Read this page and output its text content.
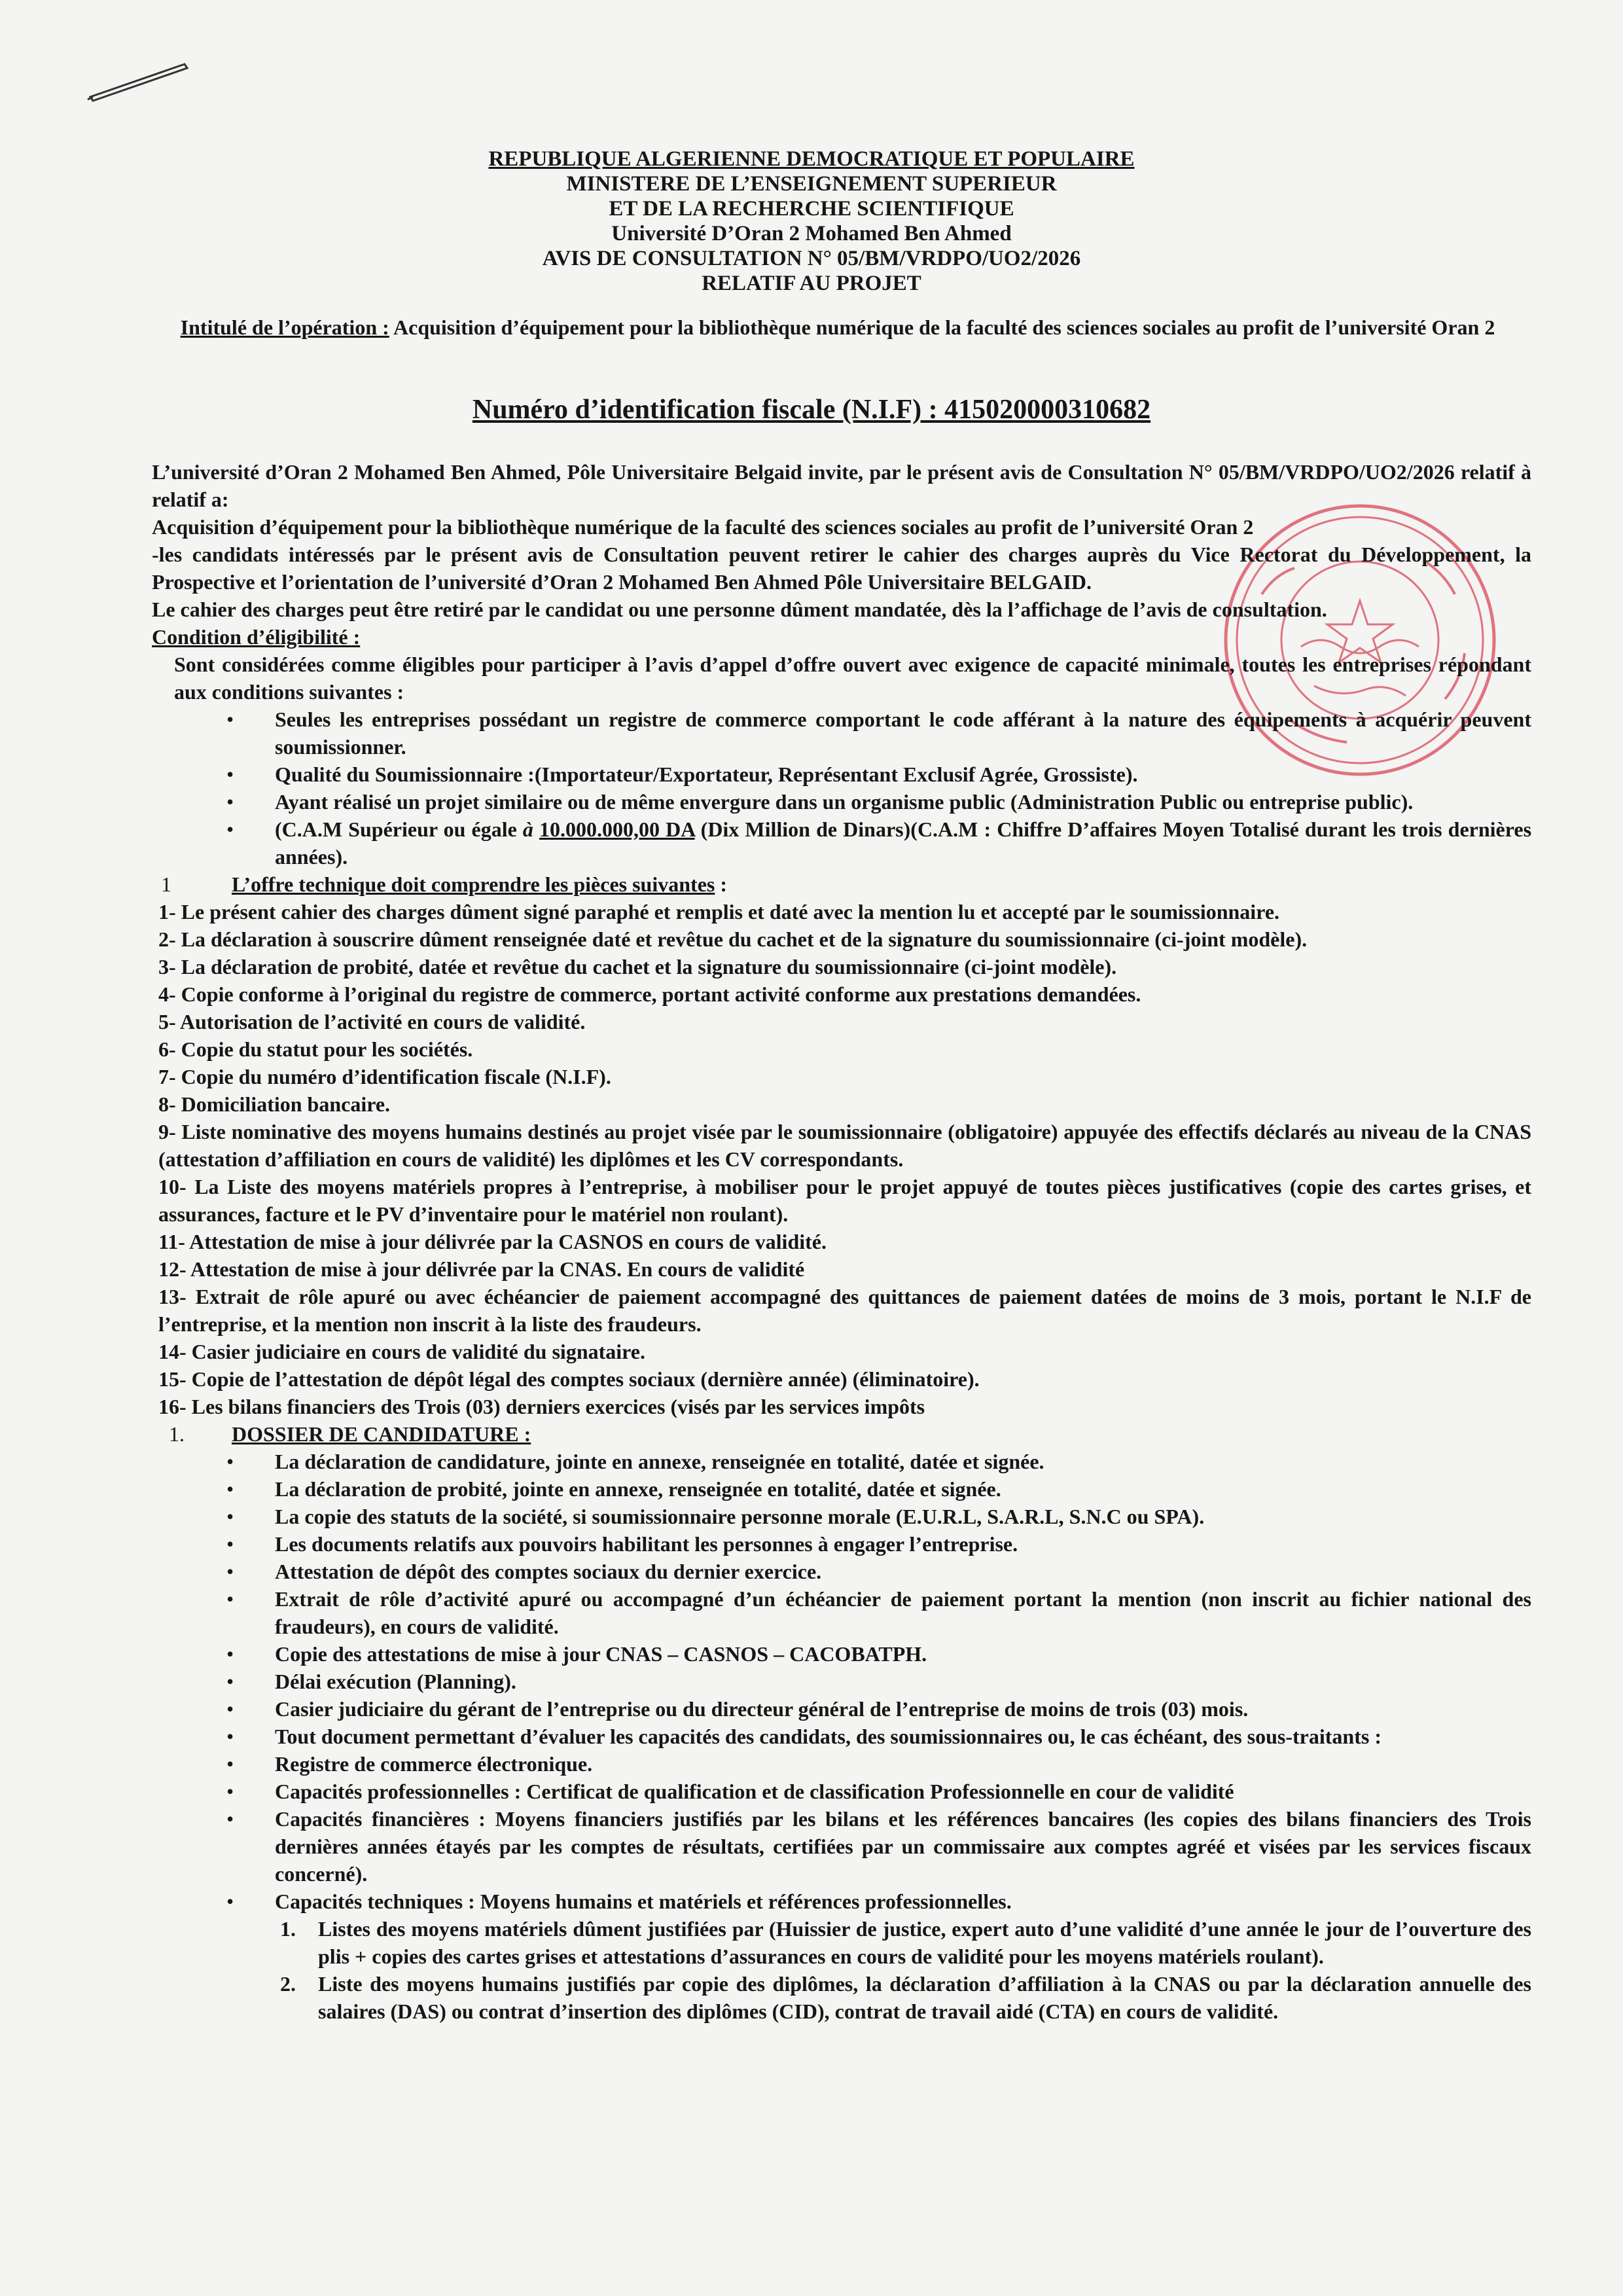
REPUBLIQUE ALGERIENNE DEMOCRATIQUE ET POPULAIRE
MINISTERE DE L’ENSEIGNEMENT SUPERIEUR
ET DE LA RECHERCHE SCIENTIFIQUE
Université D’Oran 2 Mohamed Ben Ahmed
AVIS DE CONSULTATION N° 05/BM/VRDPO/UO2/2026
RELATIF AU PROJET
Intitulé de l’opération : Acquisition d’équipement pour la bibliothèque numérique de la faculté des sciences sociales au profit de l’université Oran 2
Numéro d’identification fiscale (N.I.F) : 415020000310682

L’université d’Oran 2 Mohamed Ben Ahmed, Pôle Universitaire Belgaid invite, par le présent avis de Consultation N° 05/BM/VRDPO/UO2/2026 relatif à relatif a:

Acquisition d’équipement pour la bibliothèque numérique de la faculté des sciences sociales au profit de l’université Oran 2

-les candidats intéressés par le présent avis de Consultation peuvent retirer le cahier des charges auprès du Vice Rectorat du Développement, la Prospective et l’orientation de l’université d’Oran 2 Mohamed Ben Ahmed Pôle Universitaire BELGAID.

Le cahier des charges peut être retiré par le candidat ou une personne dûment mandatée, dès la l’affichage de l’avis de consultation.

Condition d’éligibilité :

Sont considérées comme éligibles pour participer à l’avis d’appel d’offre ouvert avec exigence de capacité minimale, toutes les entreprises répondant aux conditions suivantes :

• Seules les entreprises possédant un registre de commerce comportant le code afférant à la nature des équipements à acquérir peuvent soumissionner.
• Qualité du Soumissionnaire :(Importateur/Exportateur, Représentant Exclusif Agrée, Grossiste).
• Ayant réalisé un projet similaire ou de même envergure dans un organisme public (Administration Public ou entreprise public).
• (C.A.M Supérieur ou égale à 10.000.000,00 DA (Dix Million de Dinars)(C.A.M : Chiffre D’affaires Moyen Totalisé durant les trois dernières années).
1	L’offre technique doit comprendre les pièces suivantes :

1- Le présent cahier des charges dûment signé paraphé et remplis et daté avec la mention lu et accepté par le soumissionnaire.

2- La déclaration à souscrire dûment renseignée daté et revêtue du cachet et de la signature du soumissionnaire (ci-joint modèle).

3- La déclaration de probité, datée et revêtue du cachet et la signature du soumissionnaire (ci-joint modèle).

4- Copie conforme à l’original du registre de commerce, portant activité conforme aux prestations demandées.

5- Autorisation de l’activité en cours de validité.

6- Copie du statut pour les sociétés.

7- Copie du numéro d’identification fiscale (N.I.F).

8- Domiciliation bancaire.

9- Liste nominative des moyens humains destinés au projet visée par le soumissionnaire (obligatoire) appuyée des effectifs déclarés au niveau de la CNAS (attestation d’affiliation en cours de validité) les diplômes et les CV correspondants.

10- La Liste des moyens matériels propres à l’entreprise, à mobiliser pour le projet appuyé de toutes pièces justificatives (copie des cartes grises, et assurances, facture et le PV d’inventaire pour le matériel non roulant).

11- Attestation de mise à jour délivrée par la CASNOS en cours de validité.

12- Attestation de mise à jour délivrée par la CNAS. En cours de validité

13- Extrait de rôle apuré ou avec échéancier de paiement accompagné des quittances de paiement datées de moins de 3 mois, portant le N.I.F de l’entreprise, et la mention non inscrit à la liste des fraudeurs.

14- Casier judiciaire en cours de validité du signataire.

15- Copie de l’attestation de dépôt légal des comptes sociaux (dernière année) (éliminatoire).

16- Les bilans financiers des Trois (03) derniers exercices (visés par les services impôts

1. DOSSIER DE CANDIDATURE :
• La déclaration de candidature, jointe en annexe, renseignée en totalité, datée et signée.
• La déclaration de probité, jointe en annexe, renseignée en totalité, datée et signée.
• La copie des statuts de la société, si soumissionnaire personne morale (E.U.R.L, S.A.R.L, S.N.C ou SPA).
• Les documents relatifs aux pouvoirs habilitant les personnes à engager l’entreprise.
• Attestation de dépôt des comptes sociaux du dernier exercice.
• Extrait de rôle d’activité apuré ou accompagné d’un échéancier de paiement portant la mention (non inscrit au fichier national des fraudeurs), en cours de validité.
• Copie des attestations de mise à jour CNAS – CASNOS – CACOBATPH.
• Délai exécution (Planning).
• Casier judiciaire du gérant de l’entreprise ou du directeur général de l’entreprise de moins de trois (03) mois.
• Tout document permettant d’évaluer les capacités des candidats, des soumissionnaires ou, le cas échéant, des sous-traitants :
• Registre de commerce électronique.
• Capacités professionnelles : Certificat de qualification et de classification Professionnelle en cour de validité
• Capacités financières : Moyens financiers justifiés par les bilans et les références bancaires (les copies des bilans financiers des Trois dernières années étayés par les comptes de résultats, certifiées par un commissaire aux comptes agréé et visées par les services fiscaux concerné).
• Capacités techniques : Moyens humains et matériels et références professionnelles.
1. Listes des moyens matériels dûment justifiées par (Huissier de justice, expert auto d’une validité d’une année le jour de l’ouverture des plis + copies des cartes grises et attestations d’assurances en cours de validité pour les moyens matériels roulant).
2. Liste des moyens humains justifiés par copie des diplômes, la déclaration d’affiliation à la CNAS ou par la déclaration annuelle des salaires (DAS) ou contrat d’insertion des diplômes (CID), contrat de travail aidé (CTA) en cours de validité.
